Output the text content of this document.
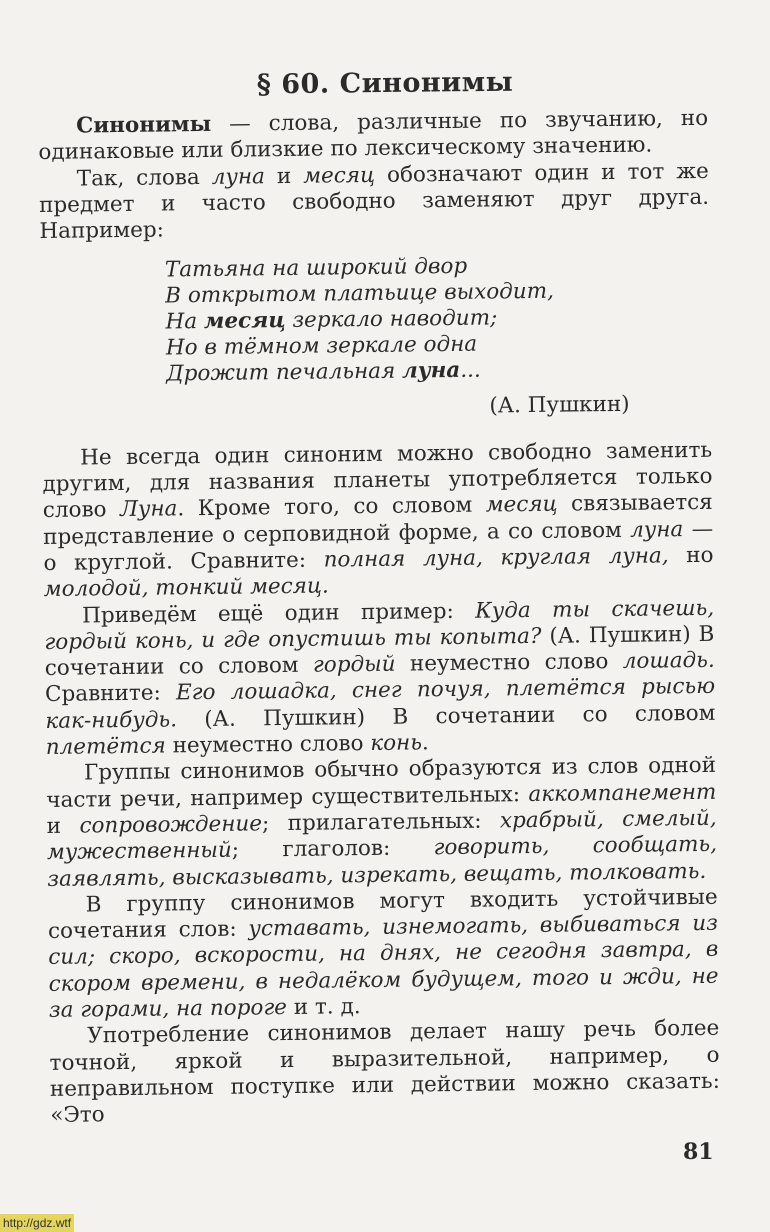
§ 60. Синонимы

Синонимы — слова, различные по звучанию, но одинаковые или близкие по лексическому значению.

Так, слова луна и месяц обозначают один и тот же предмет и часто свободно заменяют друг друга. Например:

Татьяна на широкий двор
В открытом платьице выходит,
На месяц зеркало наводит;
Но в тёмном зеркале одна
Дрожит печальная луна...
(А. Пушкин)

Не всегда один синоним можно свободно заменить другим, для названия планеты употребляется только слово Луна. Кроме того, со словом месяц связывается представление о серповидной форме, а со словом луна — о круглой. Сравните: полная луна, круглая луна, но молодой, тонкий месяц.

Приведём ещё один пример: Куда ты скачешь, гордый конь, и где опустишь ты копыта? (А. Пушкин) В сочетании со словом гордый неуместно слово лошадь. Сравните: Его лошадка, снег почуя, плетётся рысью как-нибудь. (А. Пушкин) В сочетании со словом плетётся неуместно слово конь.

Группы синонимов обычно образуются из слов одной части речи, например существительных: аккомпанемент и сопровождение; прилагательных: храбрый, смелый, мужественный; глаголов: говорить, сообщать, заявлять, высказывать, изрекать, вещать, толковать.

В группу синонимов могут входить устойчивые сочетания слов: уставать, изнемогать, выбиваться из сил; скоро, вскорости, на днях, не сегодня завтра, в скором времени, в недалёком будущем, того и жди, не за горами, на пороге и т. д.

Употребление синонимов делает нашу речь более точной, яркой и выразительной, например, о неправильном поступке или действии можно сказать: «Это

81
http://gdz.wtf
